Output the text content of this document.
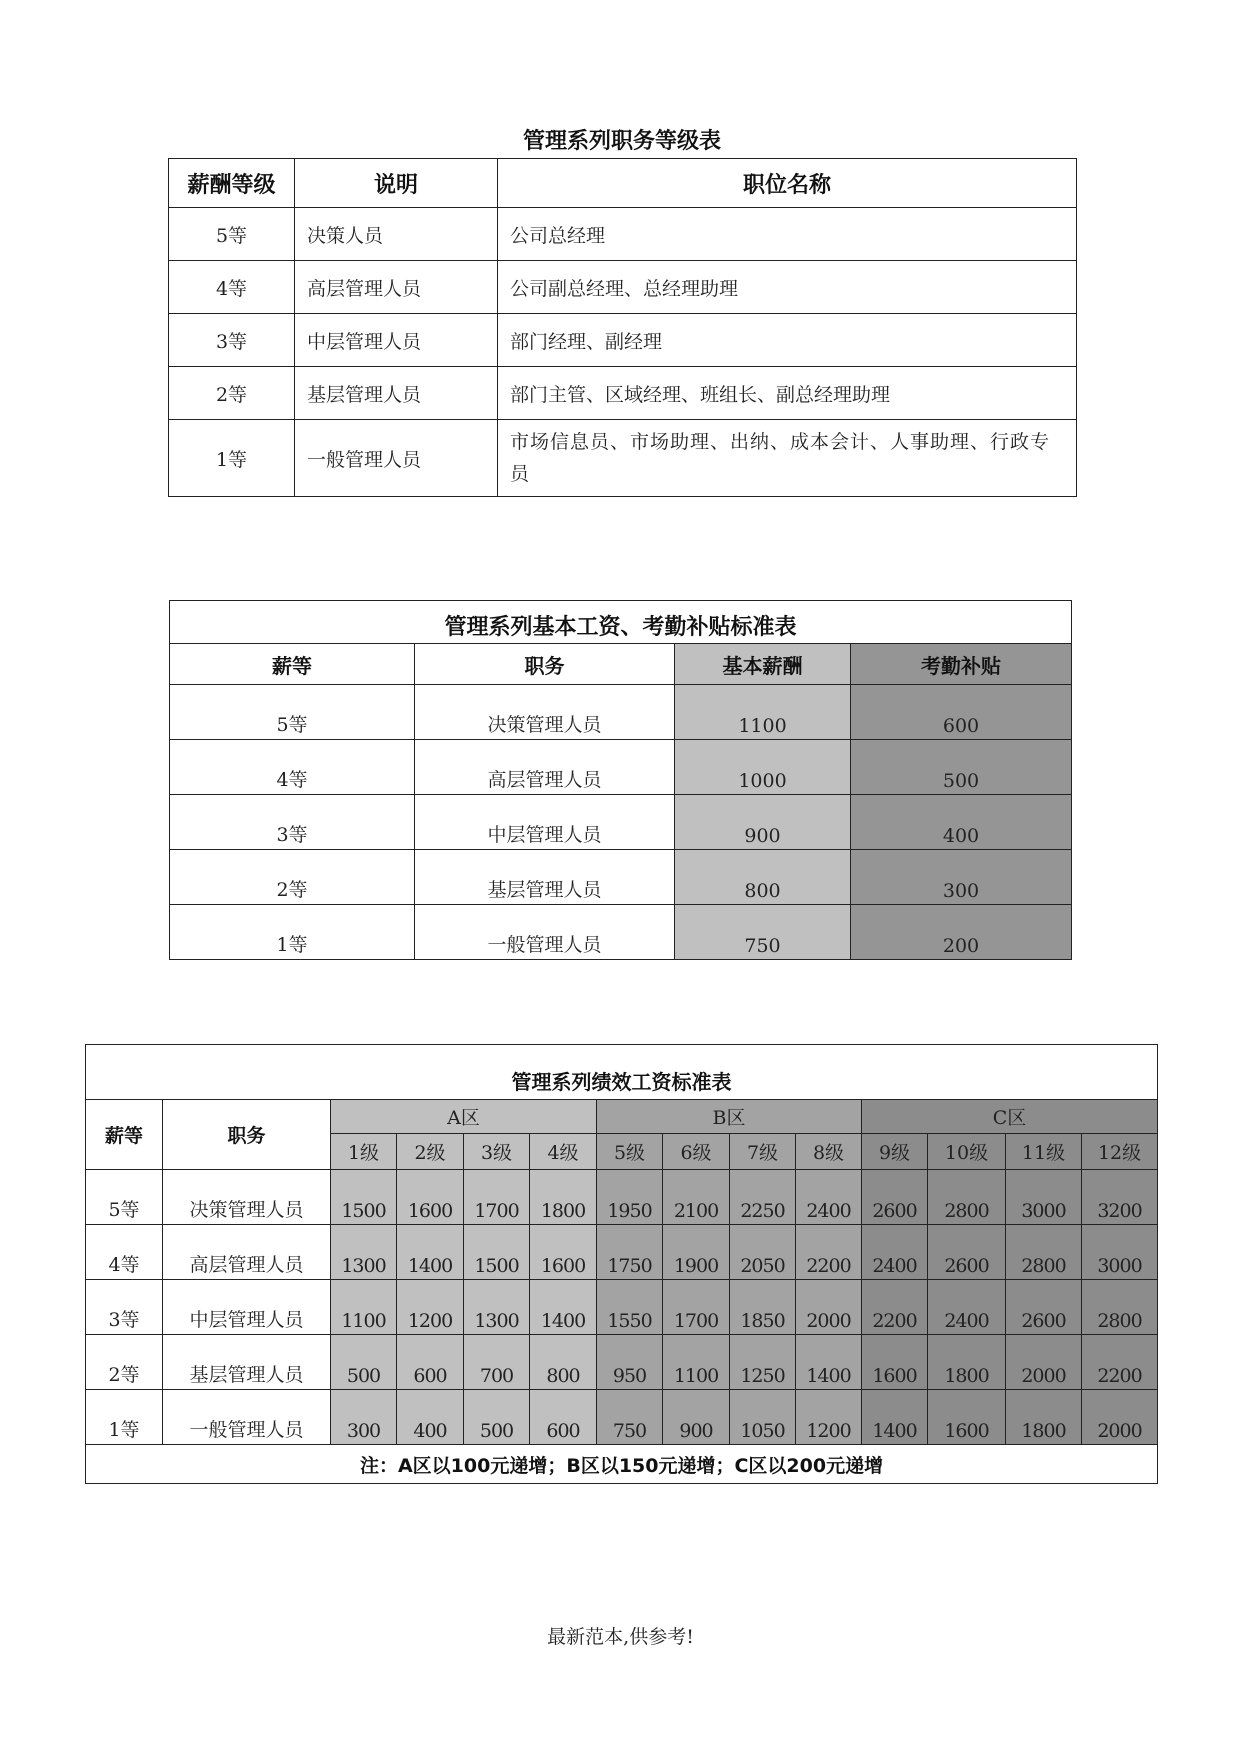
管理系列职务等级表
薪酬等级	说明	职位名称
5等	决策人员	公司总经理
4等	高层管理人员	公司副总经理、总经理助理
3等	中层管理人员	部门经理、副经理
2等	基层管理人员	部门主管、区域经理、班组长、副总经理助理
1等	一般管理人员	市场信息员、市场助理、出纳、成本会计、人事助理、行政专员
管理系列基本工资、考勤补贴标准表			
薪等	职务	基本薪酬	考勤补贴
5等	决策管理人员	1100	600
4等	高层管理人员	1000	500
3等	中层管理人员	900	400
2等	基层管理人员	800	300
1等	一般管理人员	750	200
管理系列绩效工资标准表													
薪等	职务	A区				B区				C区			
		1级	2级	3级	4级	5级	6级	7级	8级	9级	10级	11级	12级
5等	决策管理人员	1500	1600	1700	1800	1950	2100	2250	2400	2600	2800	3000	3200
4等	高层管理人员	1300	1400	1500	1600	1750	1900	2050	2200	2400	2600	2800	3000
3等	中层管理人员	1100	1200	1300	1400	1550	1700	1850	2000	2200	2400	2600	2800
2等	基层管理人员	500	600	700	800	950	1100	1250	1400	1600	1800	2000	2200
1等	一般管理人员	300	400	500	600	750	900	1050	1200	1400	1600	1800	2000
注：A区以100元递增；B区以150元递增；C区以200元递增													
最新范本,供参考!
